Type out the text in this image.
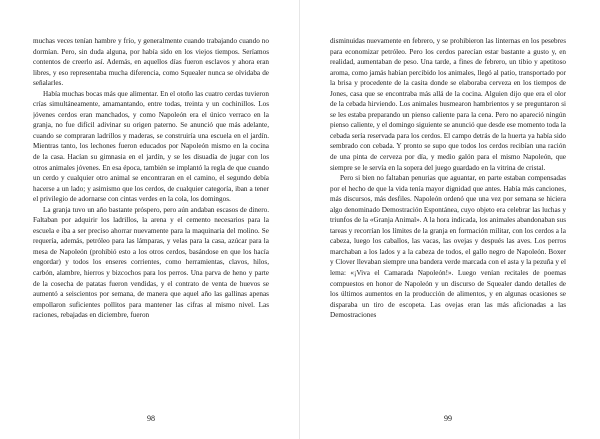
muchas veces tenían hambre y frío, y generalmente cuando trabajando cuando no dormían. Pero, sin duda alguna, por había sido en los viejos tiempos. Seríamos contentos de creerlo así. Además, en aquellos días fueron esclavos y ahora eran libres, y eso representaba mucha diferencia, como Squealer nunca se olvidaba de señalarles.

Había muchas bocas más que alimentar. En el otoño las cuatro cerdas tuvieron crías simultáneamente, amamantando, entre todas, treinta y un cochinillos. Los jóvenes cerdos eran manchados, y como Napoleón era el único verraco en la granja, no fue difícil adivinar su origen paterno. Se anunció que más adelante, cuando se compraran ladrillos y maderas, se construiría una escuela en el jardín. Mientras tanto, los lechones fueron educados por Napoleón mismo en la cocina de la casa. Hacían su gimnasia en el jardín, y se les disuadía de jugar con los otros animales jóvenes. En esa época, también se implantó la regla de que cuando un cerdo y cualquier otro animal se encontraran en el camino, el segundo debía hacerse a un lado; y asimismo que los cerdos, de cualquier categoría, iban a tener el privilegio de adornarse con cintas verdes en la cola, los domingos.

La granja tuvo un año bastante próspero, pero aún andaban escasos de dinero. Faltaban por adquirir los ladrillos, la arena y el cemento necesarios para la escuela e iba a ser preciso ahorrar nuevamente para la maquinaria del molino. Se requería, además, petróleo para las lámparas, y velas para la casa, azúcar para la mesa de Napoleón (prohibió esto a los otros cerdos, basándose en que los hacía engordar) y todos los enseres corrientes, como herramientas, clavos, hilos, carbón, alambre, hierros y bizcochos para los perros. Una parva de heno y parte de la cosecha de patatas fueron vendidas, y el contrato de venta de huevos se aumentó a seiscientos por semana, de manera que aquel año las gallinas apenas empollaron suficientes pollitos para mantener las cifras al mismo nivel. Las raciones, rebajadas en diciembre, fueron

disminuidas nuevamente en febrero, y se prohibieron las linternas en los pesebres para economizar petróleo. Pero los cerdos parecían estar bastante a gusto y, en realidad, aumentaban de peso. Una tarde, a fines de febrero, un tibio y apetitoso aroma, como jamás habían percibido los animales, llegó al patio, transportado por la brisa y procedente de la casita donde se elaboraba cerveza en los tiempos de Jones, casa que se encontraba más allá de la cocina. Alguien dijo que era el olor de la cebada hirviendo. Los animales husmearon hambrientos y se preguntaron si se les estaba preparando un pienso caliente para la cena. Pero no apareció ningún pienso caliente, y el domingo siguiente se anunció que desde ese momento toda la cebada sería reservada para los cerdos. El campo detrás de la huerta ya había sido sembrado con cebada. Y pronto se supo que todos los cerdos recibían una ración de una pinta de cerveza por día, y medio galón para el mismo Napoleón, que siempre se le servía en la sopera del juego guardado en la vitrina de cristal.

Pero si bien no faltaban penurias que aguantar, en parte estaban compensadas por el hecho de que la vida tenía mayor dignidad que antes. Había más canciones, más discursos, más desfiles. Napoleón ordenó que una vez por semana se hiciera algo denominado Demostración Espontánea, cuyo objeto era celebrar las luchas y triunfos de la «Granja Animal». A la hora indicada, los animales abandonaban sus tareas y recorrían los límites de la granja en formación militar, con los cerdos a la cabeza, luego los caballos, las vacas, las ovejas y después las aves. Los perros marchaban a los lados y a la cabeza de todos, el gallo negro de Napoleón. Boxer y Clover llevaban siempre una bandera verde marcada con el asta y la pezuña y el lema: «¡Viva el Camarada Napoleón!». Luego venían recitales de poemas compuestos en honor de Napoleón y un discurso de Squealer dando detalles de los últimos aumentos en la producción de alimentos, y en algunas ocasiones se disparaba un tiro de escopeta. Las ovejas eran las más aficionadas a las Demostraciones

98	99
